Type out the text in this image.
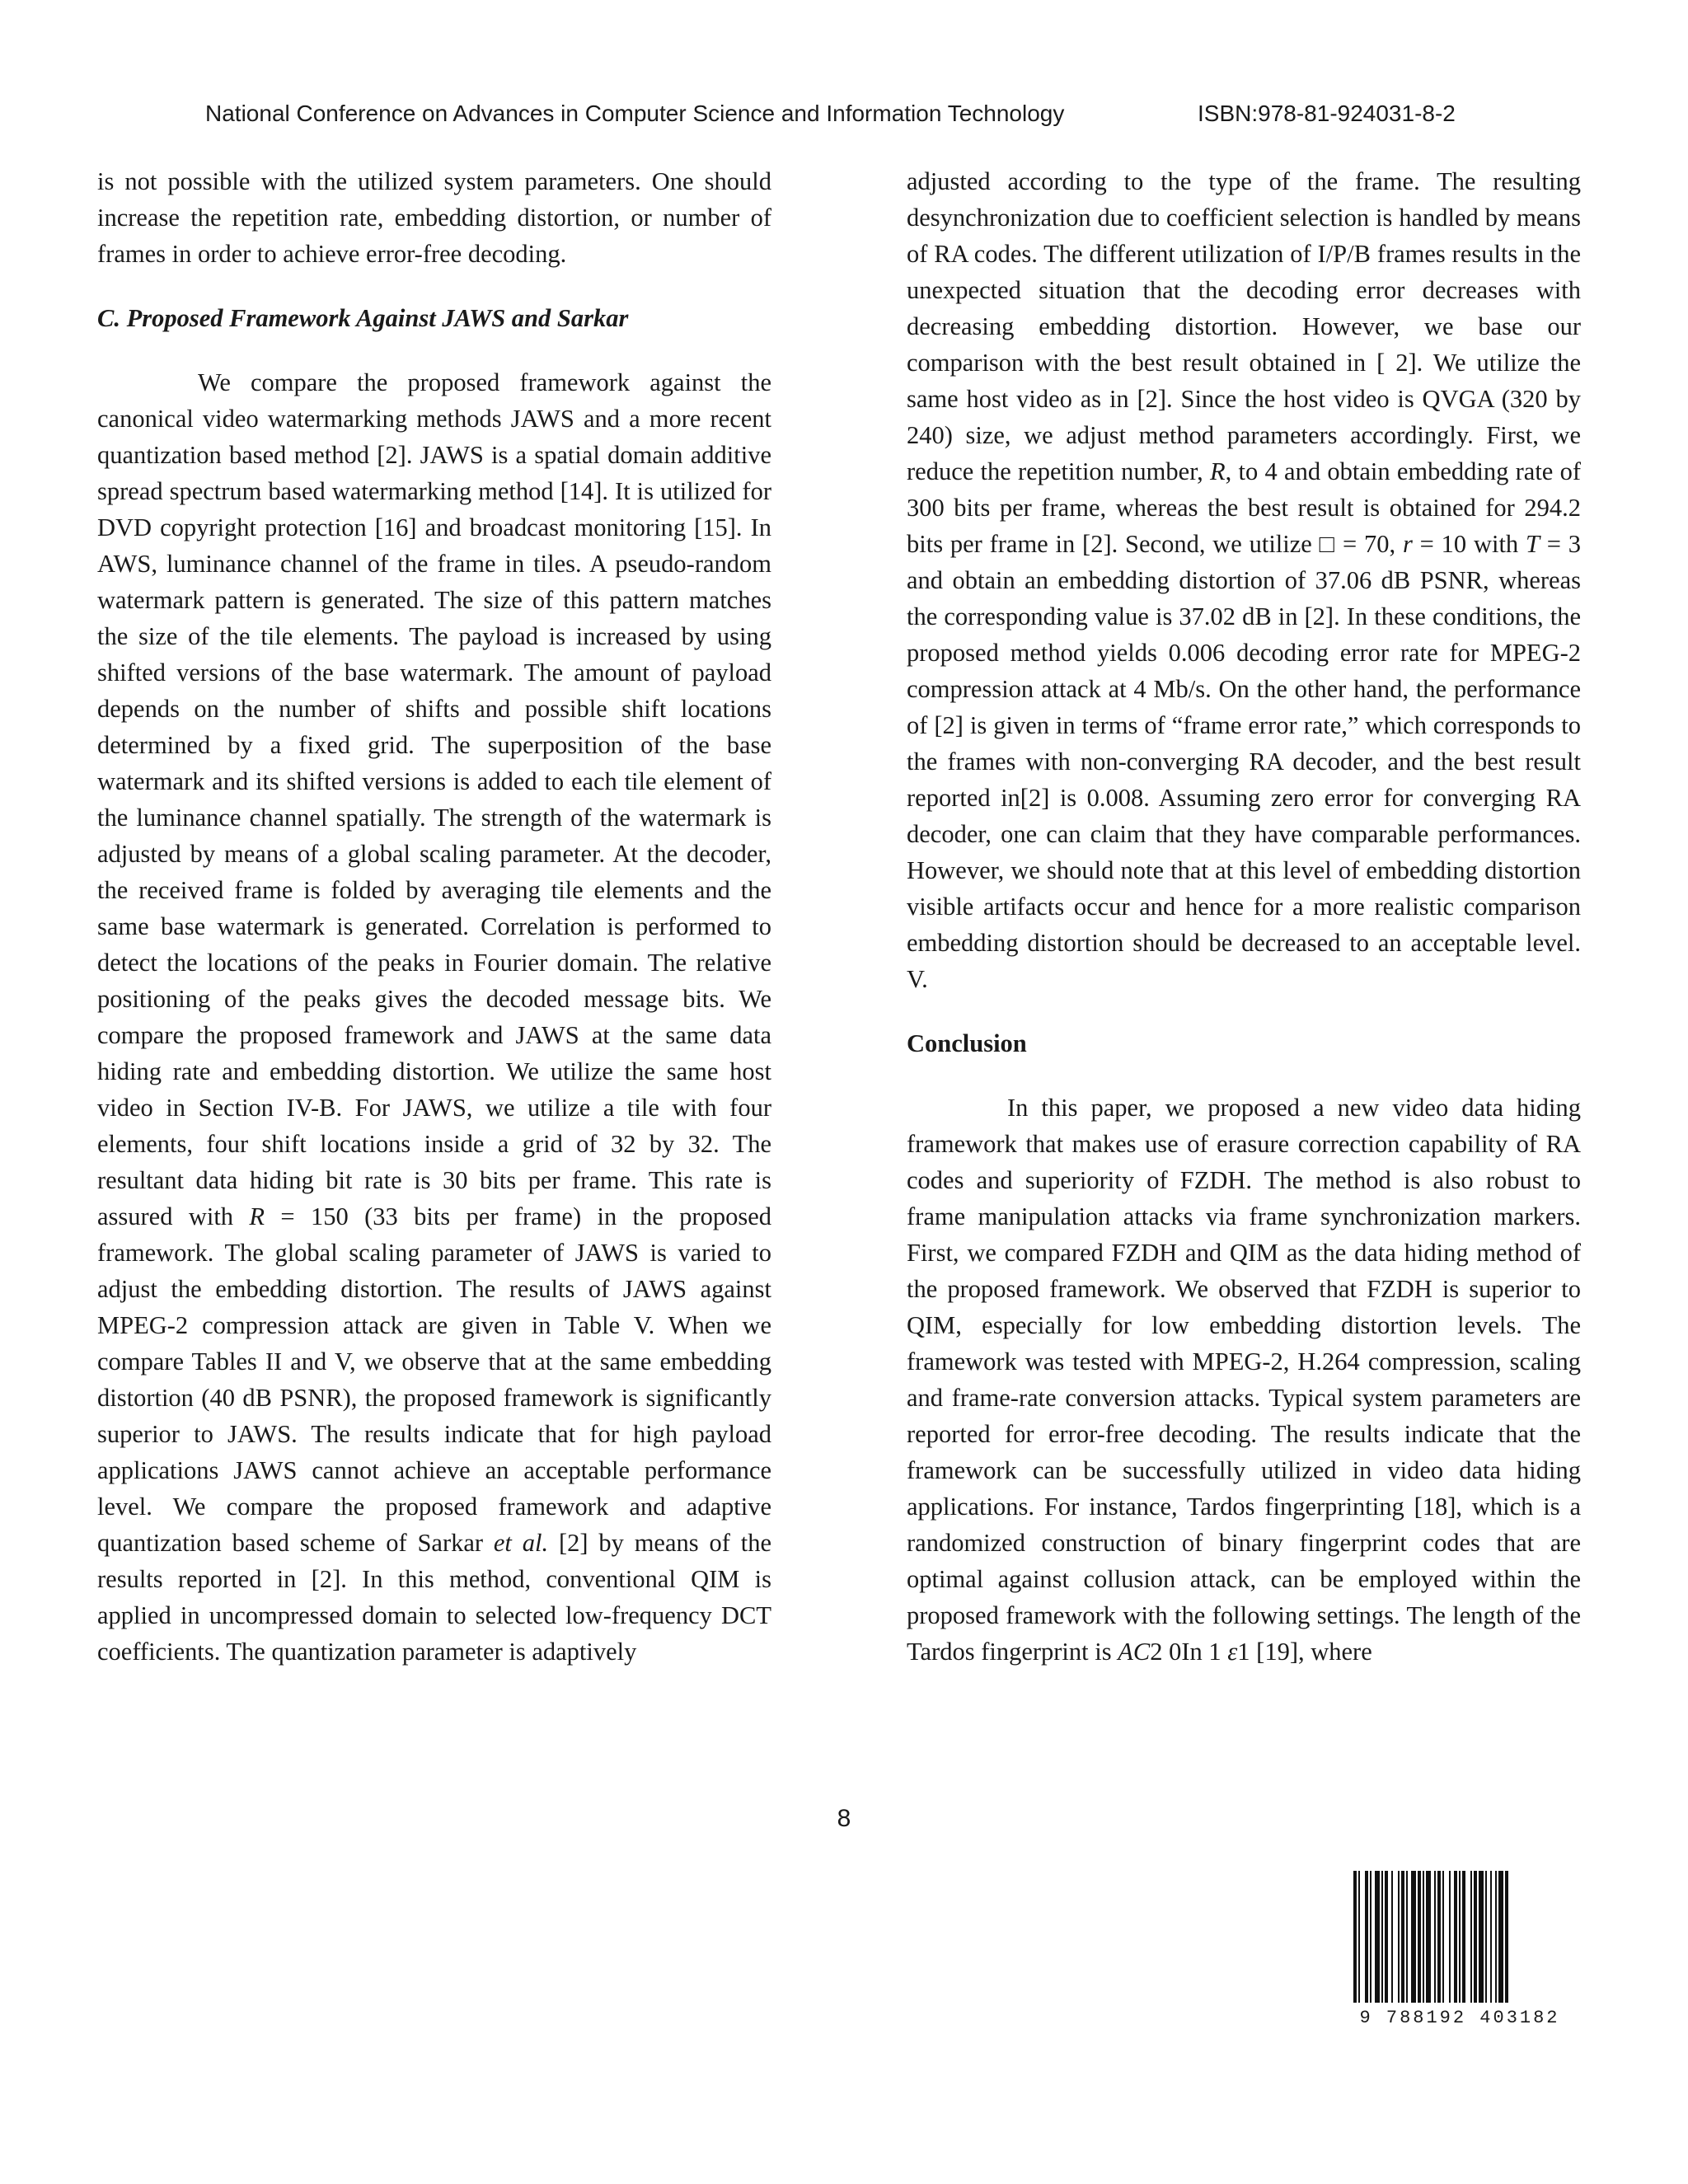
National Conference on Advances in Computer Science and Information Technology	ISBN:978-81-924031-8-2

is not possible with the utilized system parameters. One should increase the repetition rate, embedding distortion, or number of frames in order to achieve error-free decoding.

C. Proposed Framework Against JAWS and Sarkar

We compare the proposed framework against the canonical video watermarking methods JAWS and a more recent quantization based method [2]. JAWS is a spatial domain additive spread spectrum based watermarking method [14]. It is utilized for DVD copyright protection [16] and broadcast monitoring [15]. In AWS, luminance channel of the frame in tiles. A pseudo-random watermark pattern is generated. The size of this pattern matches the size of the tile elements. The payload is increased by using shifted versions of the base watermark. The amount of payload depends on the number of shifts and possible shift locations determined by a fixed grid. The superposition of the base watermark and its shifted versions is added to each tile element of the luminance channel spatially. The strength of the watermark is adjusted by means of a global scaling parameter. At the decoder, the received frame is folded by averaging tile elements and the same base watermark is generated. Correlation is performed to detect the locations of the peaks in Fourier domain. The relative positioning of the peaks gives the decoded message bits. We compare the proposed framework and JAWS at the same data hiding rate and embedding distortion. We utilize the same host video in Section IV-B. For JAWS, we utilize a tile with four elements, four shift locations inside a grid of 32 by 32. The resultant data hiding bit rate is 30 bits per frame. This rate is assured with R = 150 (33 bits per frame) in the proposed framework. The global scaling parameter of JAWS is varied to adjust the embedding distortion. The results of JAWS against MPEG-2 compression attack are given in Table V. When we compare Tables II and V, we observe that at the same embedding distortion (40 dB PSNR), the proposed framework is significantly superior to JAWS. The results indicate that for high payload applications JAWS cannot achieve an acceptable performance level. We compare the proposed framework and adaptive quantization based scheme of Sarkar et al. [2] by means of the results reported in [2]. In this method, conventional QIM is applied in uncompressed domain to selected low-frequency DCT coefficients. The quantization parameter is adaptively

adjusted according to the type of the frame. The resulting desynchronization due to coefficient selection is handled by means of RA codes. The different utilization of I/P/B frames results in the unexpected situation that the decoding error decreases with decreasing embedding distortion. However, we base our comparison with the best result obtained in [ 2]. We utilize the same host video as in [2]. Since the host video is QVGA (320 by 240) size, we adjust method parameters accordingly. First, we reduce the repetition number, R, to 4 and obtain embedding rate of 300 bits per frame, whereas the best result is obtained for 294.2 bits per frame in [2]. Second, we utilize □ = 70, r = 10 with T = 3 and obtain an embedding distortion of 37.06 dB PSNR, whereas the corresponding value is 37.02 dB in [2]. In these conditions, the proposed method yields 0.006 decoding error rate for MPEG-2 compression attack at 4 Mb/s. On the other hand, the performance of [2] is given in terms of “frame error rate,” which corresponds to the frames with non-converging RA decoder, and the best result reported in[2] is 0.008. Assuming zero error for converging RA decoder, one can claim that they have comparable performances. However, we should note that at this level of embedding distortion visible artifacts occur and hence for a more realistic comparison embedding distortion should be decreased to an acceptable level. V.

Conclusion

In this paper, we proposed a new video data hiding framework that makes use of erasure correction capability of RA codes and superiority of FZDH. The method is also robust to frame manipulation attacks via frame synchronization markers. First, we compared FZDH and QIM as the data hiding method of the proposed framework. We observed that FZDH is superior to QIM, especially for low embedding distortion levels. The framework was tested with MPEG-2, H.264 compression, scaling and frame-rate conversion attacks. Typical system parameters are reported for error-free decoding. The results indicate that the framework can be successfully utilized in video data hiding applications. For instance, Tardos fingerprinting [18], which is a randomized construction of binary fingerprint codes that are optimal against collusion attack, can be employed within the proposed framework with the following settings. The length of the Tardos fingerprint is AC2 0In 1 ε1 [19], where

8
9 788192 403182
